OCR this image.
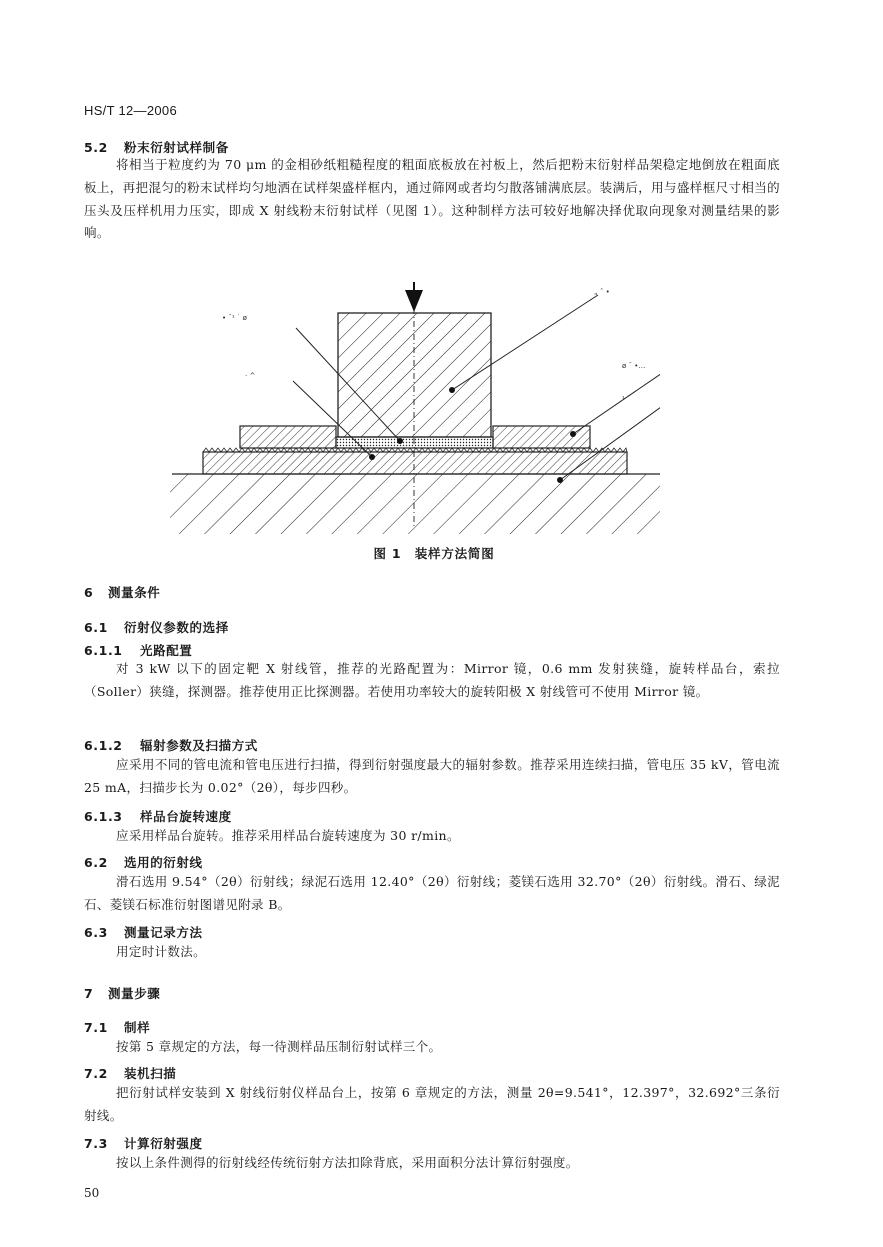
HS/T 12—2006
5.2 粉末衍射试样制备
将相当于粒度约为 70 μm 的金相砂纸粗糙程度的粗面底板放在衬板上，然后把粉末衍射样品架稳定地倒放在粗面底板上，再把混匀的粉末试样均匀地洒在试样架盛样框内，通过筛网或者均匀散落铺满底层。装满后，用与盛样框尺寸相当的压头及压样机用力压实，即成 X 射线粉末衍射试样（见图 1）。这种制样方法可较好地解决择优取向现象对测量结果的影响。
• ˉ¹ ˙ ø
· ^
„ ˆ •
ø ˉ •…
¹ ˉ
图 1　装样方法简图
6 测量条件
6.1 衍射仪参数的选择
6.1.1 光路配置
对 3 kW 以下的固定靶 X 射线管，推荐的光路配置为：Mirror 镜，0.6 mm 发射狭缝，旋转样品台，索拉（Soller）狭缝，探测器。推荐使用正比探测器。若使用功率较大的旋转阳极 X 射线管可不使用 Mirror 镜。
6.1.2 辐射参数及扫描方式
应采用不同的管电流和管电压进行扫描，得到衍射强度最大的辐射参数。推荐采用连续扫描，管电压 35 kV，管电流 25 mA，扫描步长为 0.02°（2θ），每步四秒。
6.1.3 样品台旋转速度
应采用样品台旋转。推荐采用样品台旋转速度为 30 r/min。
6.2 选用的衍射线
滑石选用 9.54°（2θ）衍射线；绿泥石选用 12.40°（2θ）衍射线；菱镁石选用 32.70°（2θ）衍射线。滑石、绿泥石、菱镁石标准衍射图谱见附录 B。
6.3 测量记录方法
用定时计数法。
7 测量步骤
7.1 制样
按第 5 章规定的方法，每一待测样品压制衍射试样三个。
7.2 装机扫描
把衍射试样安装到 X 射线衍射仪样品台上，按第 6 章规定的方法，测量 2θ=9.541°，12.397°，32.692°三条衍射线。
7.3 计算衍射强度
按以上条件测得的衍射线经传统衍射方法扣除背底，采用面积分法计算衍射强度。
50
